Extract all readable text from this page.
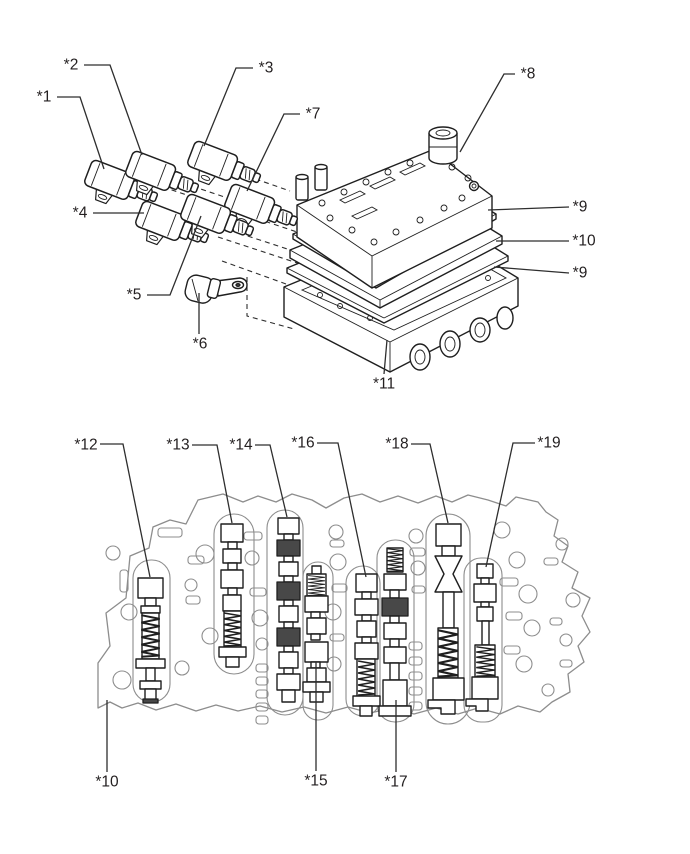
*1
*2	*3
*7
*8
*9
*10
*9
*11
*4
*5
*6
*12	*13	*14 *16	*18	*19
*10	*15	*17
